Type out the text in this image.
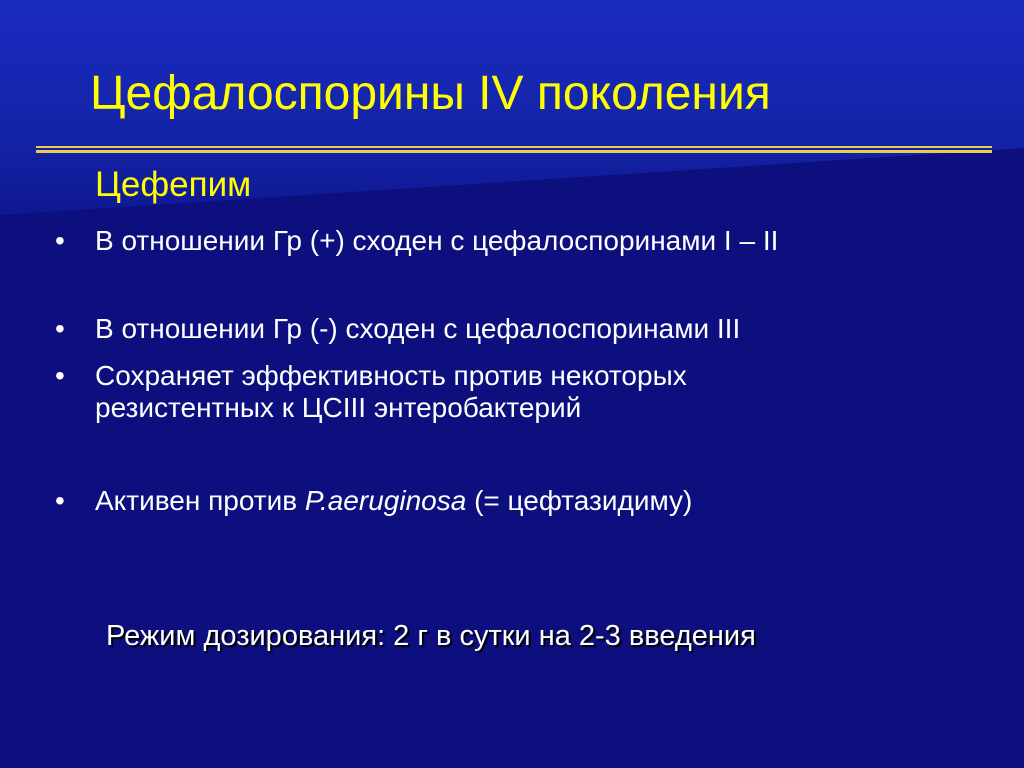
Цефалоспорины IV поколения
Цефепим
•	В отношении Гр (+) сходен с цефалоспоринами I – II
•	В отношении Гр (-) сходен с цефалоспоринами III
•	Сохраняет эффективность против некоторых
резистентных к ЦСIII энтеробактерий
•	Активен против P.aeruginosa (= цефтазидиму)
Режим дозирования: 2 г в сутки на 2-3 введения
